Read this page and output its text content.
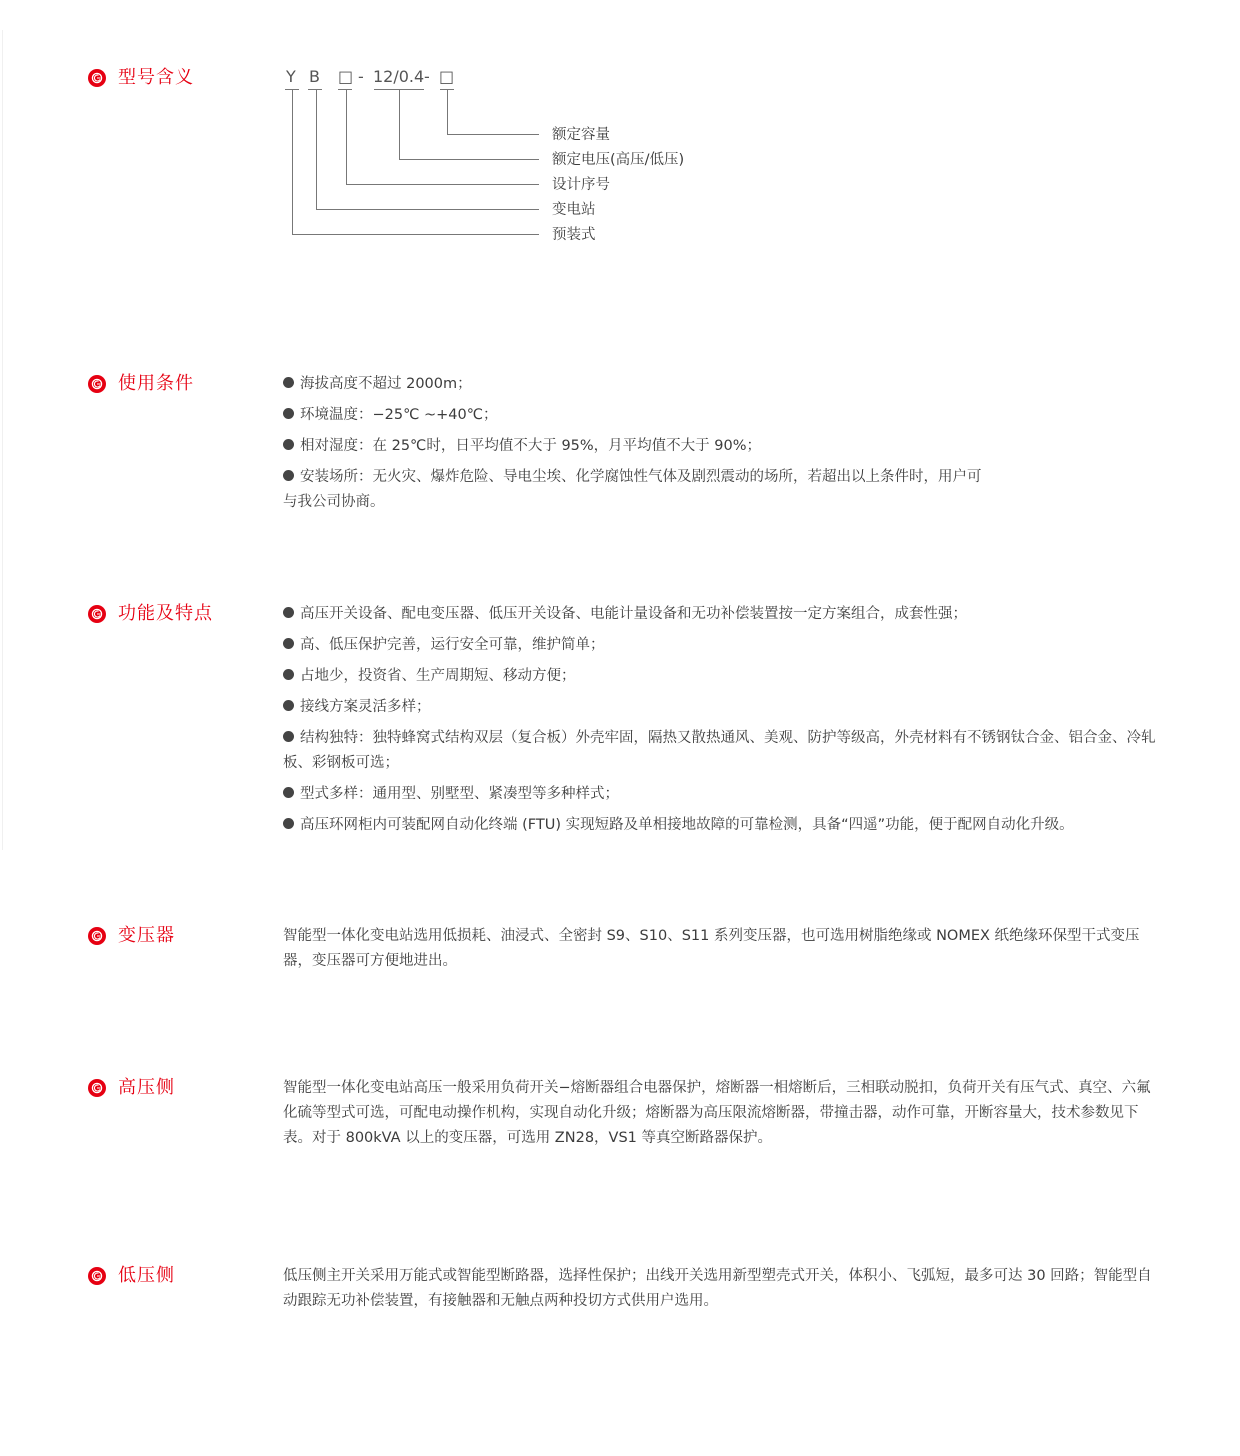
型号含义	Y B □ - 12/0.4 - □
额定容量
额定电压(高压/低压)
设计序号
变电站
预装式
使用条件	海拔高度不超过 2000m；
环境温度：−25℃ ~+40℃；
相对湿度：在 25℃时，日平均值不大于 95%，月平均值不大于 90%；
安装场所：无火灾、爆炸危险、导电尘埃、化学腐蚀性气体及剧烈震动的场所，若超出以上条件时，用户可与我公司协商。
功能及特点	高压开关设备、配电变压器、低压开关设备、电能计量设备和无功补偿装置按一定方案组合，成套性强；
高、低压保护完善，运行安全可靠，维护简单；
占地少，投资省、生产周期短、移动方便；
接线方案灵活多样；
结构独特：独特蜂窝式结构双层（复合板）外壳牢固，隔热又散热通风、美观、防护等级高，外壳材料有不锈钢钛合金、铝合金、冷轧板、彩钢板可选；
型式多样：通用型、别墅型、紧凑型等多种样式；
高压环网柜内可装配网自动化终端 (FTU) 实现短路及单相接地故障的可靠检测，具备“四遥”功能，便于配网自动化升级。
变压器	智能型一体化变电站选用低损耗、油浸式、全密封 S9、S10、S11 系列变压器，也可选用树脂绝缘或 NOMEX 纸绝缘环保型干式变压器，变压器可方便地进出。

高压侧	智能型一体化变电站高压一般采用负荷开关−熔断器组合电器保护，熔断器一相熔断后，三相联动脱扣，负荷开关有压气式、真空、六氟化硫等型式可选，可配电动操作机构，实现自动化升级；熔断器为高压限流熔断器，带撞击器，动作可靠，开断容量大，技术参数见下表。对于 800kVA 以上的变压器，可选用 ZN28，VS1 等真空断路器保护。

低压侧	低压侧主开关采用万能式或智能型断路器，选择性保护；出线开关选用新型塑壳式开关，体积小、飞弧短，最多可达 30 回路；智能型自动跟踪无功补偿装置，有接触器和无触点两种投切方式供用户选用。
